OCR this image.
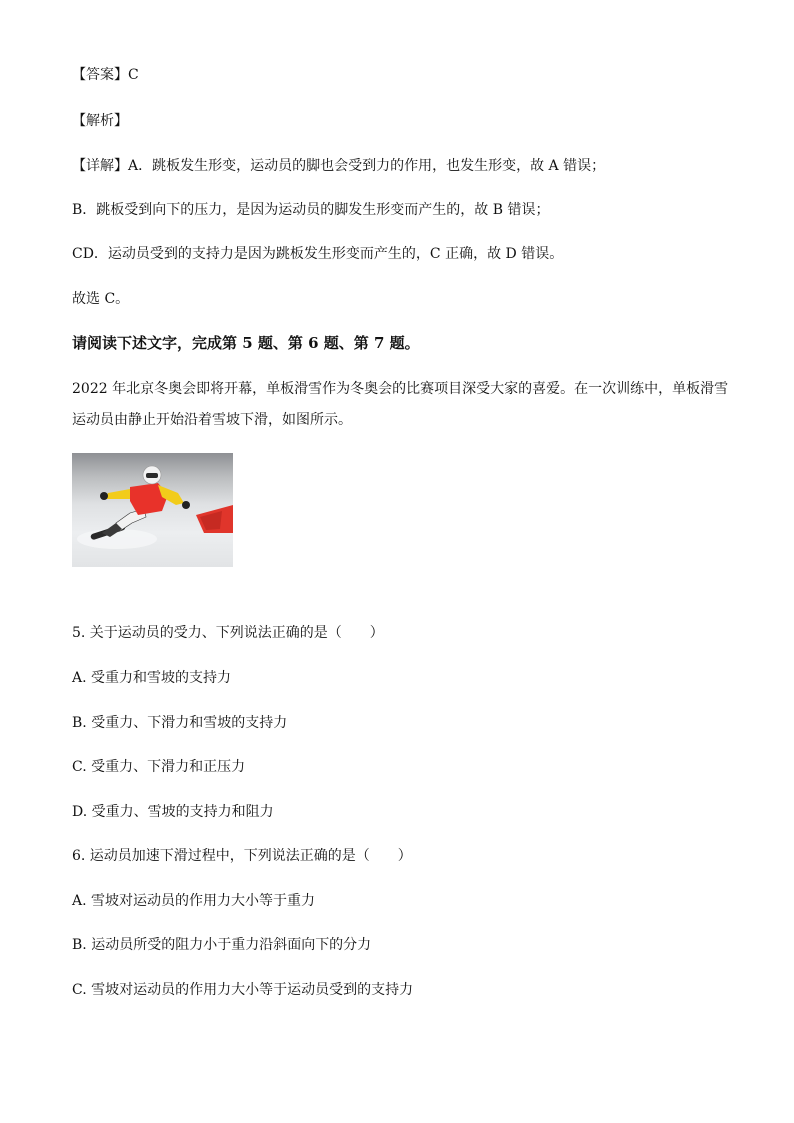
【答案】C
【解析】
【详解】A．跳板发生形变，运动员的脚也会受到力的作用，也发生形变，故 A 错误；
B．跳板受到向下的压力，是因为运动员的脚发生形变而产生的，故 B 错误；
CD．运动员受到的支持力是因为跳板发生形变而产生的，C 正确，故 D 错误。
故选 C。
请阅读下述文字，完成第 5 题、第 6 题、第 7 题。
2022 年北京冬奥会即将开幕，单板滑雪作为冬奥会的比赛项目深受大家的喜爱。在一次训练中，单板滑雪
运动员由静止开始沿着雪坡下滑，如图所示。
5. 关于运动员的受力、下列说法正确的是（　　）
A. 受重力和雪坡的支持力
B. 受重力、下滑力和雪坡的支持力
C. 受重力、下滑力和正压力
D. 受重力、雪坡的支持力和阻力
6. 运动员加速下滑过程中，下列说法正确的是（　　）
A. 雪坡对运动员的作用力大小等于重力
B. 运动员所受的阻力小于重力沿斜面向下的分力
C. 雪坡对运动员的作用力大小等于运动员受到的支持力
